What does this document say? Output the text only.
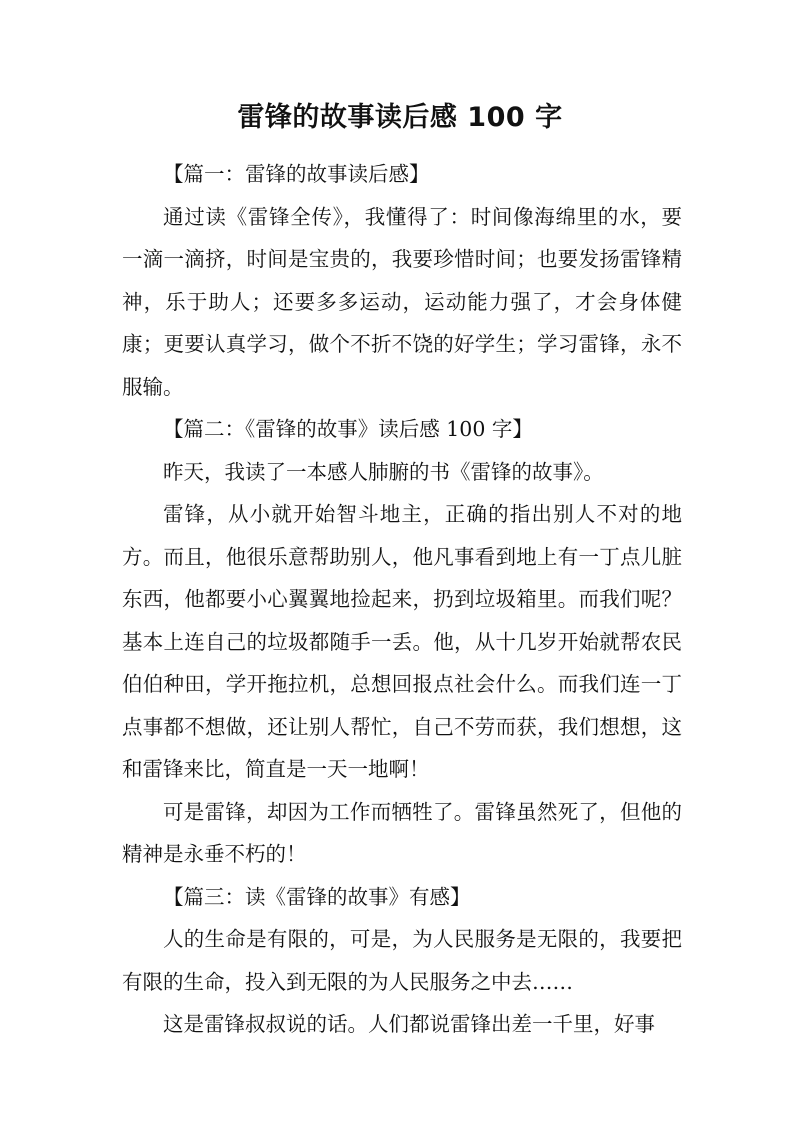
雷锋的故事读后感 100 字

【篇一：雷锋的故事读后感】

通过读《雷锋全传》，我懂得了：时间像海绵里的水，要一滴一滴挤，时间是宝贵的，我要珍惜时间；也要发扬雷锋精神，乐于助人；还要多多运动，运动能力强了，才会身体健康；更要认真学习，做个不折不饶的好学生；学习雷锋，永不服输。

【篇二：《雷锋的故事》读后感 100 字】

昨天，我读了一本感人肺腑的书《雷锋的故事》。

雷锋，从小就开始智斗地主，正确的指出别人不对的地方。而且，他很乐意帮助别人，他凡事看到地上有一丁点儿脏东西，他都要小心翼翼地捡起来，扔到垃圾箱里。而我们呢？基本上连自己的垃圾都随手一丢。他，从十几岁开始就帮农民伯伯种田，学开拖拉机，总想回报点社会什么。而我们连一丁点事都不想做，还让别人帮忙，自己不劳而获，我们想想，这和雷锋来比，简直是一天一地啊！

可是雷锋，却因为工作而牺牲了。雷锋虽然死了，但他的精神是永垂不朽的！

【篇三：读《雷锋的故事》有感】

人的生命是有限的，可是，为人民服务是无限的，我要把有限的生命，投入到无限的为人民服务之中去……

这是雷锋叔叔说的话。人们都说雷锋出差一千里，好事
